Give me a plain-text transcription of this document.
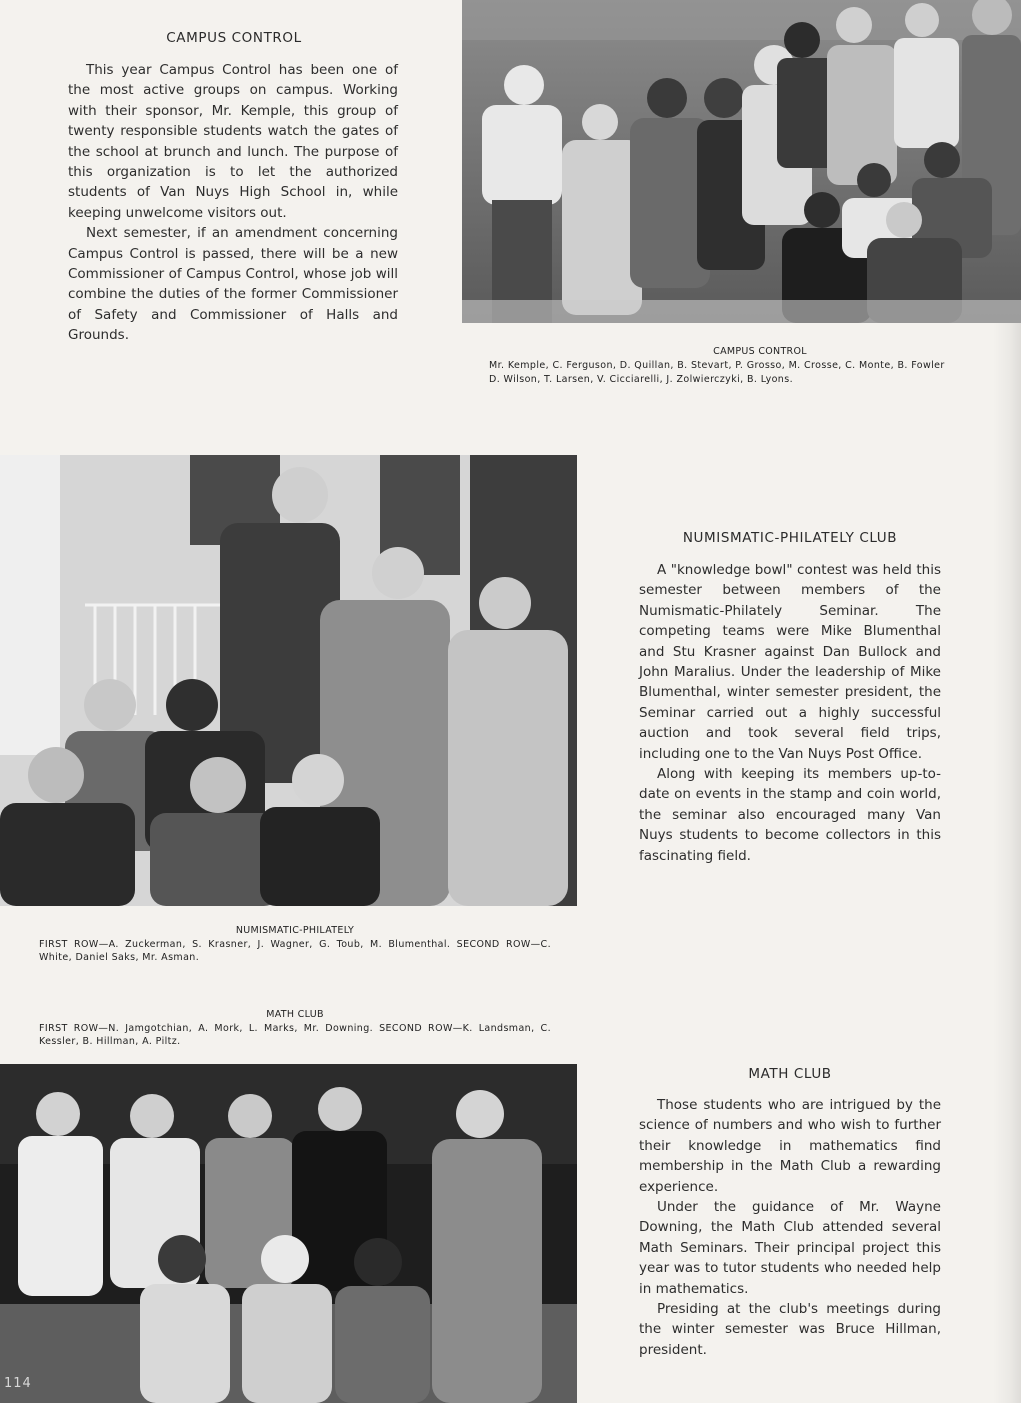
CAMPUS CONTROL

This year Campus Control has been one of the most active groups on campus. Working with their sponsor, Mr. Kemple, this group of twenty responsible students watch the gates of the school at brunch and lunch. The purpose of this organization is to let the authorized students of Van Nuys High School in, while keeping unwelcome visitors out.

Next semester, if an amendment concerning Campus Control is passed, there will be a new Commissioner of Campus Control, whose job will combine the duties of the former Commissioner of Safety and Commissioner of Halls and Grounds.

CAMPUS CONTROL
Mr. Kemple, C. Ferguson, D. Quillan, B. Stevart, P. Grosso, M. Crosse, C. Monte, B. Fowler
D. Wilson, T. Larsen, V. Cicciarelli, J. Zolwierczyki, B. Lyons.
NUMISMATIC-PHILATELY
FIRST ROW—A. Zuckerman, S. Krasner, J. Wagner, G. Toub, M. Blumenthal. SECOND ROW—C. White, Daniel Saks, Mr. Asman.
NUMISMATIC-PHILATELY CLUB

A "knowledge bowl" contest was held this semester between members of the Numismatic-Philately Seminar. The competing teams were Mike Blumenthal and Stu Krasner against Dan Bullock and John Maralius. Under the leadership of Mike Blumenthal, winter semester president, the Seminar carried out a highly successful auction and took several field trips, including one to the Van Nuys Post Office.

Along with keeping its members up-to-date on events in the stamp and coin world, the seminar also encouraged many Van Nuys students to become collectors in this fascinating field.

MATH CLUB
FIRST ROW—N. Jamgotchian, A. Mork, L. Marks, Mr. Downing. SECOND ROW—K. Landsman, C. Kessler, B. Hillman, A. Piltz.
MATH CLUB

Those students who are intrigued by the science of numbers and who wish to further their knowledge in mathematics find membership in the Math Club a rewarding experience.

Under the guidance of Mr. Wayne Downing, the Math Club attended several Math Seminars. Their principal project this year was to tutor students who needed help in mathematics.

Presiding at the club's meetings during the winter semester was Bruce Hillman, president.

114
